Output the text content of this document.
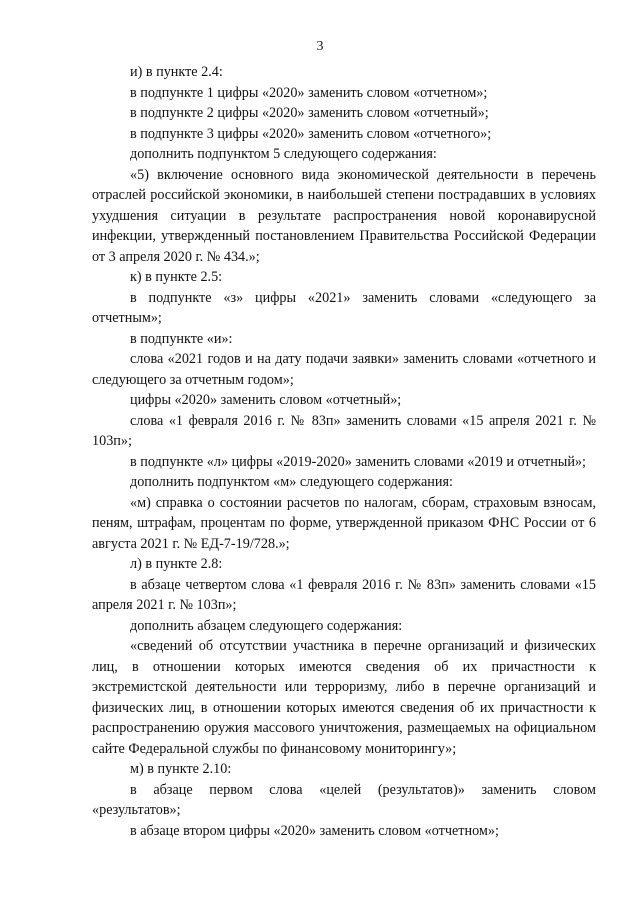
3

и) в пункте 2.4:

в подпункте 1 цифры «2020» заменить словом «отчетном»;

в подпункте 2 цифры «2020» заменить словом «отчетный»;

в подпункте 3 цифры «2020» заменить словом «отчетного»;

дополнить подпунктом 5 следующего содержания:

«5) включение основного вида экономической деятельности в перечень отраслей российской экономики, в наибольшей степени пострадавших в условиях ухудшения ситуации в результате распространения новой коронавирусной инфекции, утвержденный постановлением Правительства Российской Федерации от 3 апреля 2020 г. № 434.»;

к) в пункте 2.5:

в подпункте «з» цифры «2021» заменить словами «следующего за отчетным»;

в подпункте «и»:

слова «2021 годов и на дату подачи заявки» заменить словами «отчетного и следующего за отчетным годом»;

цифры «2020» заменить словом «отчетный»;

слова «1 февраля 2016 г. № 83п» заменить словами «15 апреля 2021 г. № 103п»;

в подпункте «л» цифры «2019-2020» заменить словами «2019 и отчетный»;

дополнить подпунктом «м» следующего содержания:

«м) справка о состоянии расчетов по налогам, сборам, страховым взносам, пеням, штрафам, процентам по форме, утвержденной приказом ФНС России от 6 августа 2021 г. № ЕД-7-19/728.»;

л) в пункте 2.8:

в абзаце четвертом слова «1 февраля 2016 г. № 83п» заменить словами «15 апреля 2021 г. № 103п»;

дополнить абзацем следующего содержания:

«сведений об отсутствии участника в перечне организаций и физических лиц, в отношении которых имеются сведения об их причастности к экстремистской деятельности или терроризму, либо в перечне организаций и физических лиц, в отношении которых имеются сведения об их причастности к распространению оружия массового уничтожения, размещаемых на официальном сайте Федеральной службы по финансовому мониторингу»;

м) в пункте 2.10:

в абзаце первом слова «целей (результатов)» заменить словом «результатов»;

в абзаце втором цифры «2020» заменить словом «отчетном»;
